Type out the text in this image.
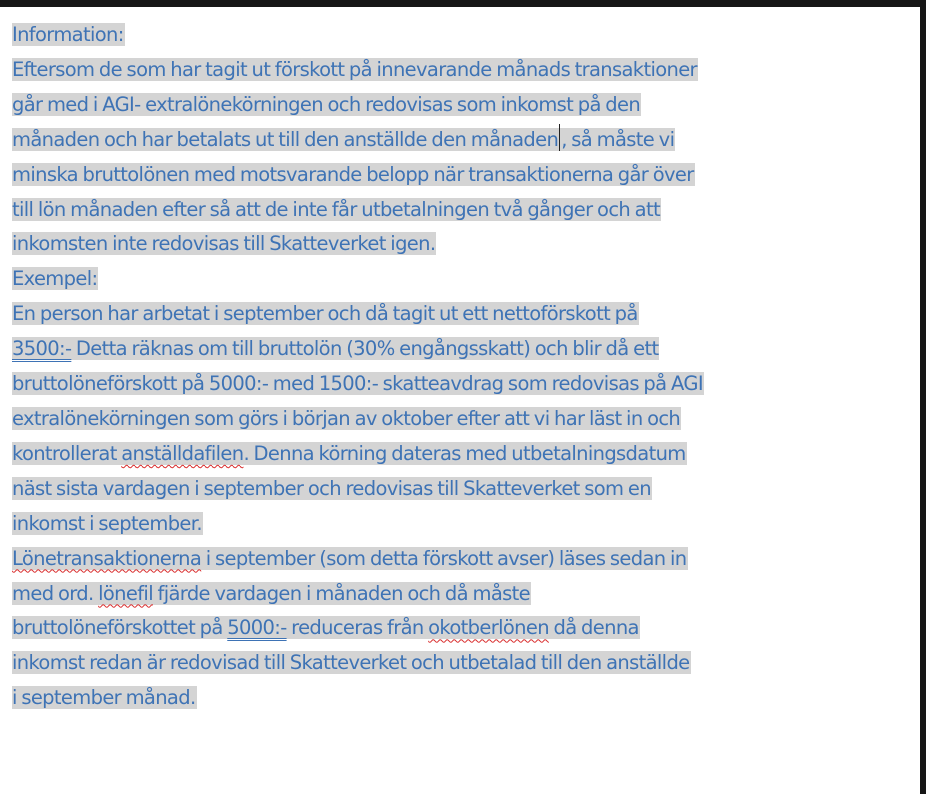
Information:
Eftersom de som har tagit ut förskott på innevarande månads transaktioner
går med i AGI- extralönekörningen och redovisas som inkomst på den
månaden och har betalats ut till den anställde den månaden , så måste vi
minska bruttolönen med motsvarande belopp när transaktionerna går över
till lön månaden efter så att de inte får utbetalningen två gånger och att
inkomsten inte redovisas till Skatteverket igen.
Exempel:
En person har arbetat i september och då tagit ut ett nettoförskott på
3500:- Detta räknas om till bruttolön (30% engångsskatt) och blir då ett
bruttolöneförskott på 5000:- med 1500:- skatteavdrag som redovisas på AGI
extralönekörningen som görs i början av oktober efter att vi har läst in och
kontrollerat anställdafilen. Denna körning dateras med utbetalningsdatum
näst sista vardagen i september och redovisas till Skatteverket som en
inkomst i september.
Lönetransaktionerna i september (som detta förskott avser) läses sedan in
med ord. lönefil fjärde vardagen i månaden och då måste
bruttolöneförskottet på 5000:- reduceras från okotberlönen då denna
inkomst redan är redovisad till Skatteverket och utbetalad till den anställde
i september månad.
